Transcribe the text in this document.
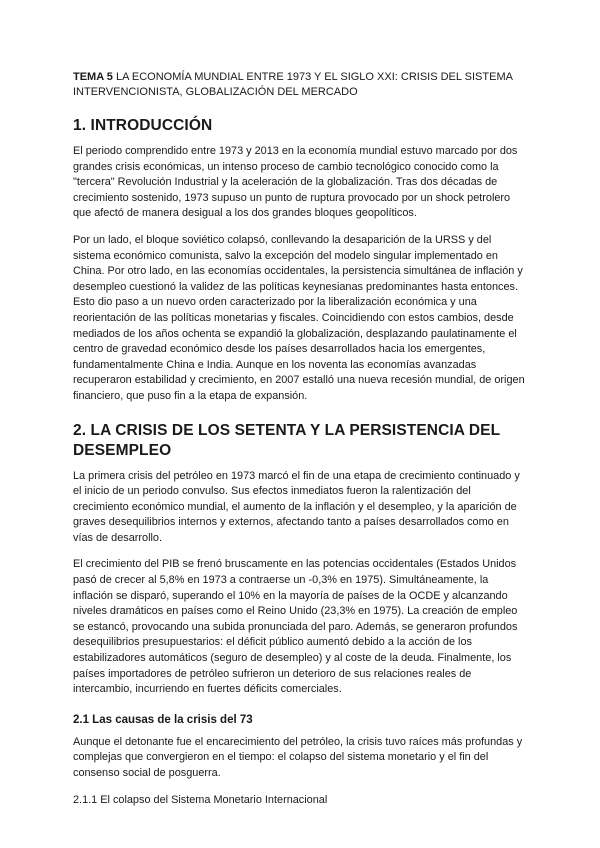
TEMA 5 LA ECONOMÍA MUNDIAL ENTRE 1973 Y EL SIGLO XXI: CRISIS DEL SISTEMA INTERVENCIONISTA, GLOBALIZACIÓN DEL MERCADO
1. INTRODUCCIÓN

El periodo comprendido entre 1973 y 2013 en la economía mundial estuvo marcado por dos grandes crisis económicas, un intenso proceso de cambio tecnológico conocido como la "tercera" Revolución Industrial y la aceleración de la globalización. Tras dos décadas de crecimiento sostenido, 1973 supuso un punto de ruptura provocado por un shock petrolero que afectó de manera desigual a los dos grandes bloques geopolíticos.

Por un lado, el bloque soviético colapsó, conllevando la desaparición de la URSS y del sistema económico comunista, salvo la excepción del modelo singular implementado en China. Por otro lado, en las economías occidentales, la persistencia simultánea de inflación y desempleo cuestionó la validez de las políticas keynesianas predominantes hasta entonces. Esto dio paso a un nuevo orden caracterizado por la liberalización económica y una reorientación de las políticas monetarias y fiscales. Coincidiendo con estos cambios, desde mediados de los años ochenta se expandió la globalización, desplazando paulatinamente el centro de gravedad económico desde los países desarrollados hacia los emergentes, fundamentalmente China e India. Aunque en los noventa las economías avanzadas recuperaron estabilidad y crecimiento, en 2007 estalló una nueva recesión mundial, de origen financiero, que puso fin a la etapa de expansión.

2. LA CRISIS DE LOS SETENTA Y LA PERSISTENCIA DEL DESEMPLEO

La primera crisis del petróleo en 1973 marcó el fin de una etapa de crecimiento continuado y el inicio de un periodo convulso. Sus efectos inmediatos fueron la ralentización del crecimiento económico mundial, el aumento de la inflación y el desempleo, y la aparición de graves desequilibrios internos y externos, afectando tanto a países desarrollados como en vías de desarrollo.

El crecimiento del PIB se frenó bruscamente en las potencias occidentales (Estados Unidos pasó de crecer al 5,8% en 1973 a contraerse un -0,3% en 1975). Simultáneamente, la inflación se disparó, superando el 10% en la mayoría de países de la OCDE y alcanzando niveles dramáticos en países como el Reino Unido (23,3% en 1975). La creación de empleo se estancó, provocando una subida pronunciada del paro. Además, se generaron profundos desequilibrios presupuestarios: el déficit público aumentó debido a la acción de los estabilizadores automáticos (seguro de desempleo) y al coste de la deuda. Finalmente, los países importadores de petróleo sufrieron un deterioro de sus relaciones reales de intercambio, incurriendo en fuertes déficits comerciales.

2.1 Las causas de la crisis del 73

Aunque el detonante fue el encarecimiento del petróleo, la crisis tuvo raíces más profundas y complejas que convergieron en el tiempo: el colapso del sistema monetario y el fin del consenso social de posguerra.

2.1.1 El colapso del Sistema Monetario Internacional
